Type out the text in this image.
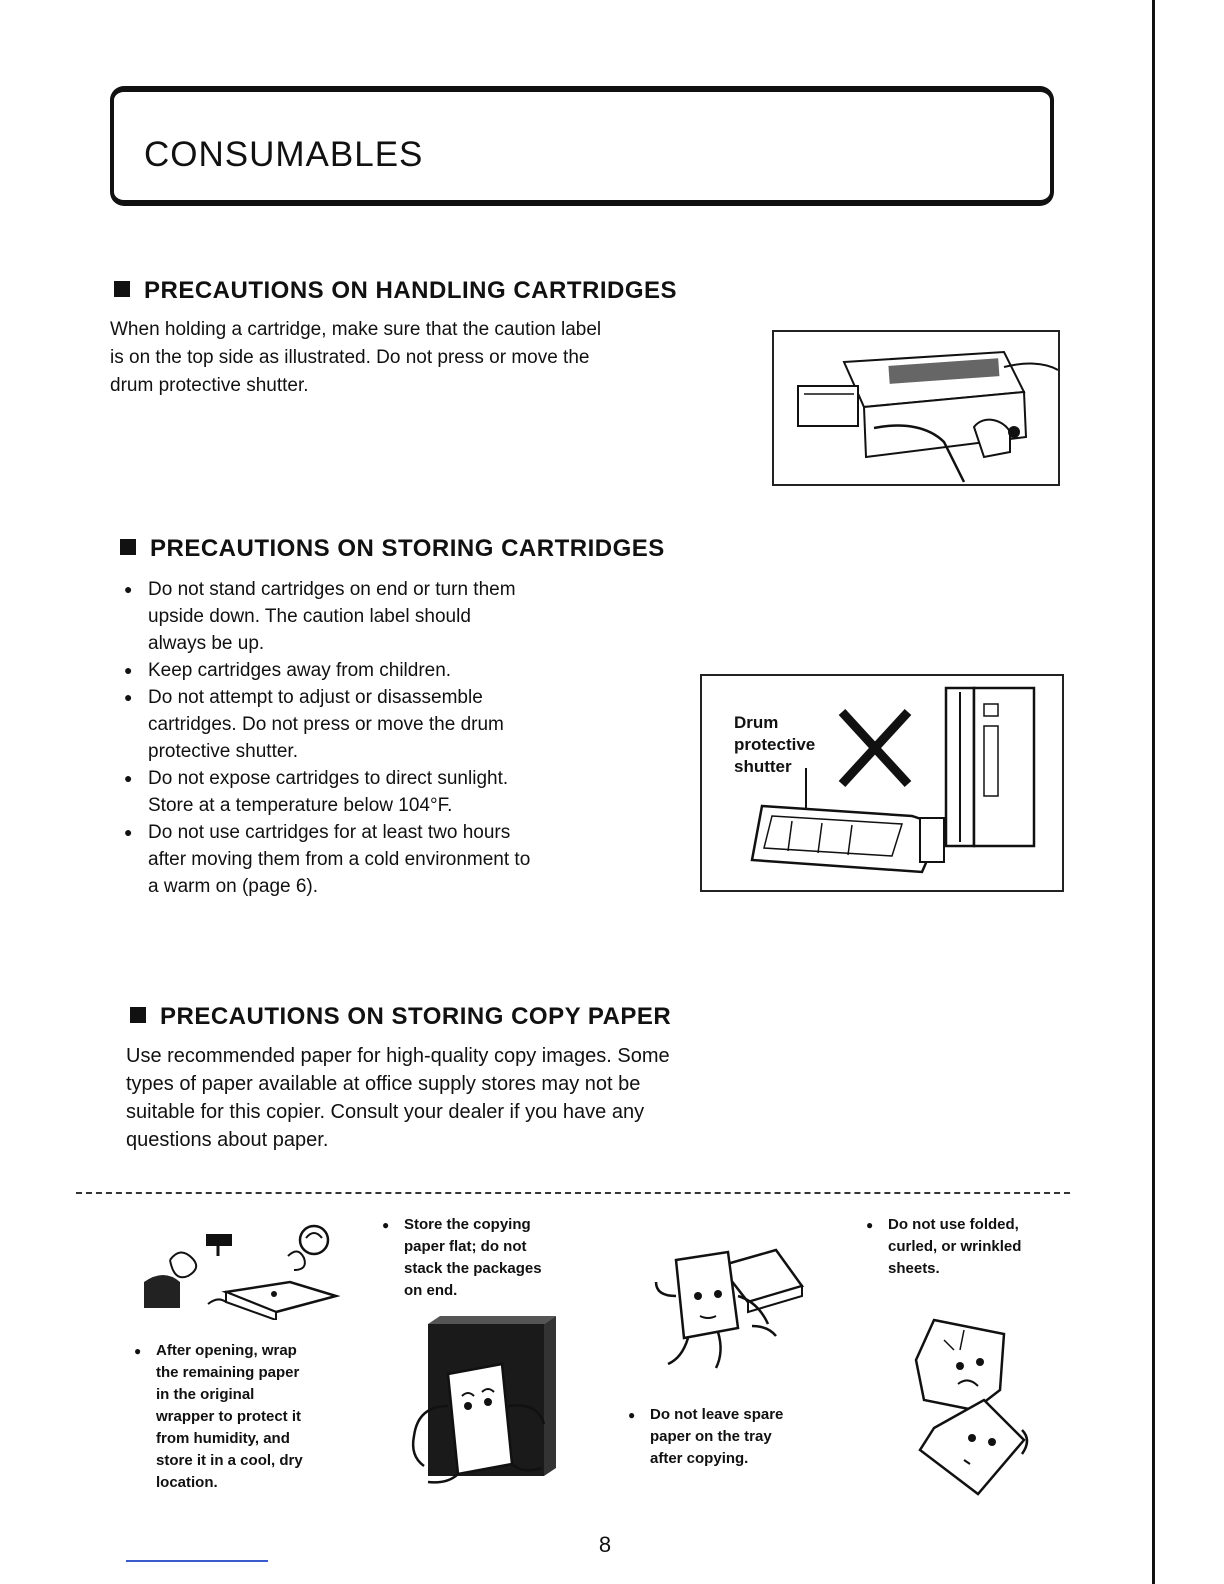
CONSUMABLES
PRECAUTIONS ON HANDLING CARTRIDGES

When holding a cartridge, make sure that the caution label

is on the top side as illustrated. Do not press or move the

drum protective shutter.

PRECAUTIONS ON STORING CARTRIDGES
● Do not stand cartridges on end or turn them
upside down. The caution label should
always be up.
● Keep cartridges away from children.
● Do not attempt to adjust or disassemble
cartridges. Do not press or move the drum
protective shutter.
● Do not expose cartridges to direct sunlight.
Store at a temperature below 104°F.
● Do not use cartridges for at least two hours
after moving them from a cold environment to
a warm on (page 6).
Drum
protective
shutter
PRECAUTIONS ON STORING COPY PAPER

Use recommended paper for high-quality copy images. Some

types of paper available at office supply stores may not be

suitable for this copier. Consult your dealer if you have any

questions about paper.

● After opening, wrap
the remaining paper
in the original
wrapper to protect it
from humidity, and
store it in a cool, dry
location.
● Store the copying
paper flat; do not
stack the packages
on end.
● Do not leave spare
paper on the tray
after copying.
● Do not use folded,
curled, or wrinkled
sheets.
8
